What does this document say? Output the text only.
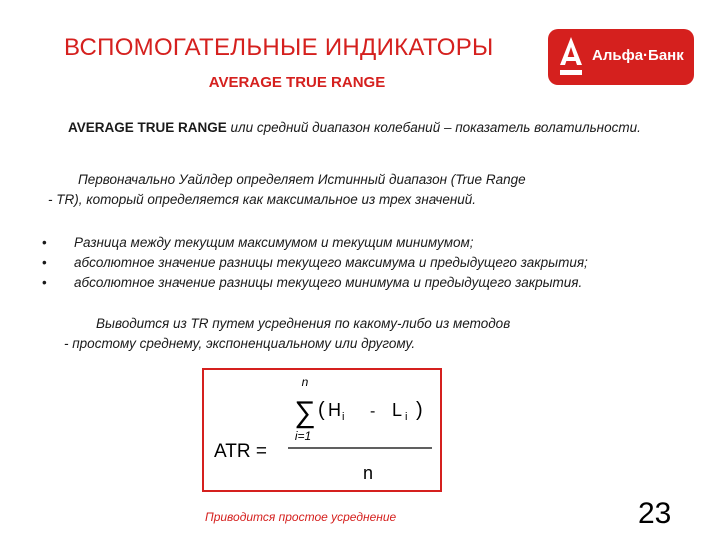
ВСПОМОГАТЕЛЬНЫЕ ИНДИКАТОРЫ
AVERAGE TRUE RANGE
Альфа·Банк
AVERAGE TRUE RANGE или средний диапазон колебаний – показатель волатильности.
Первоначально Уайлдер определяет Истинный диапазон (True Range
- TR), который определяется как максимальное из трех значений.
• Разница между текущим максимумом и текущим минимумом;
• абсолютное значение разницы текущего максимума и предыдущего закрытия;
• абсолютное значение разницы текущего минимума и предыдущего закрытия.
Выводится из TR путем усреднения по какому-либо из методов
- простому среднему, экспоненциальному или другому.
ATR =
n
∑
i=1
( H i - L i )
n
Приводится простое усреднение	23
